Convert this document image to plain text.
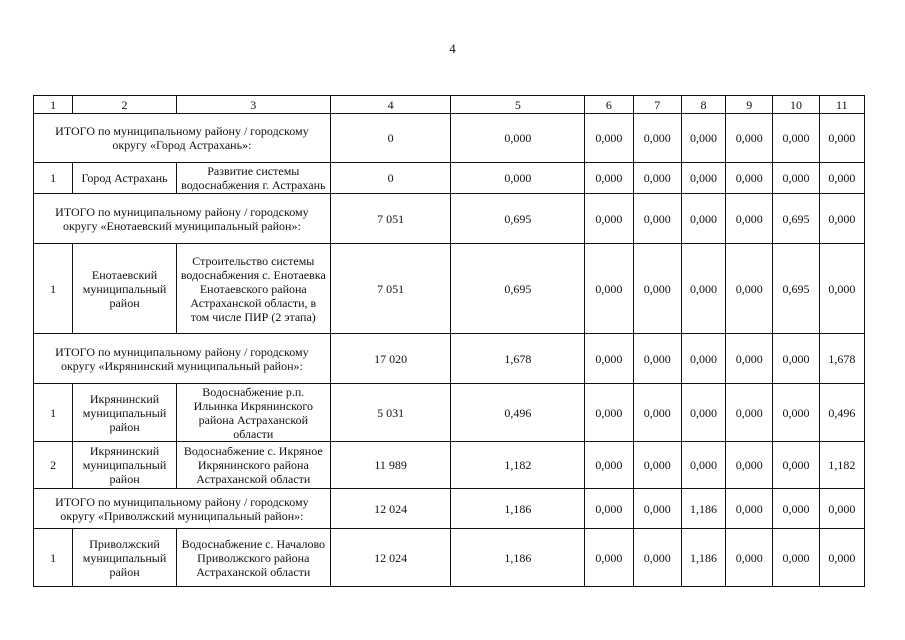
4
1	2	3	4	5	6	7	8	9	10	11
ИТОГО по муниципальному району / городскому округу «Город Астрахань»:			0	0,000	0,000	0,000	0,000	0,000	0,000	0,000
1	Город Астрахань	Развитие системы водоснабжения г. Астрахань	0	0,000	0,000	0,000	0,000	0,000	0,000	0,000
ИТОГО по муниципальному району / городскому округу «Енотаевский муниципальный район»:			7 051	0,695	0,000	0,000	0,000	0,000	0,695	0,000
1	Енотаевский муниципальный район	Строительство системы водоснабжения с. Енотаевка Енотаевского района Астраханской области, в том числе ПИР (2 этапа)	7 051	0,695	0,000	0,000	0,000	0,000	0,695	0,000
ИТОГО по муниципальному району / городскому округу «Икрянинский муниципальный район»:			17 020	1,678	0,000	0,000	0,000	0,000	0,000	1,678
1	Икрянинский муниципальный район	Водоснабжение р.п. Ильинка Икрянинского района Астраханской области	5 031	0,496	0,000	0,000	0,000	0,000	0,000	0,496
2	Икрянинский муниципальный район	Водоснабжение с. Икряное Икрянинского района Астраханской области	11 989	1,182	0,000	0,000	0,000	0,000	0,000	1,182
ИТОГО по муниципальному району / городскому округу «Приволжский муниципальный район»:			12 024	1,186	0,000	0,000	1,186	0,000	0,000	0,000
1	Приволжский муниципальный район	Водоснабжение с. Началово Приволжского района Астраханской области	12 024	1,186	0,000	0,000	1,186	0,000	0,000	0,000
